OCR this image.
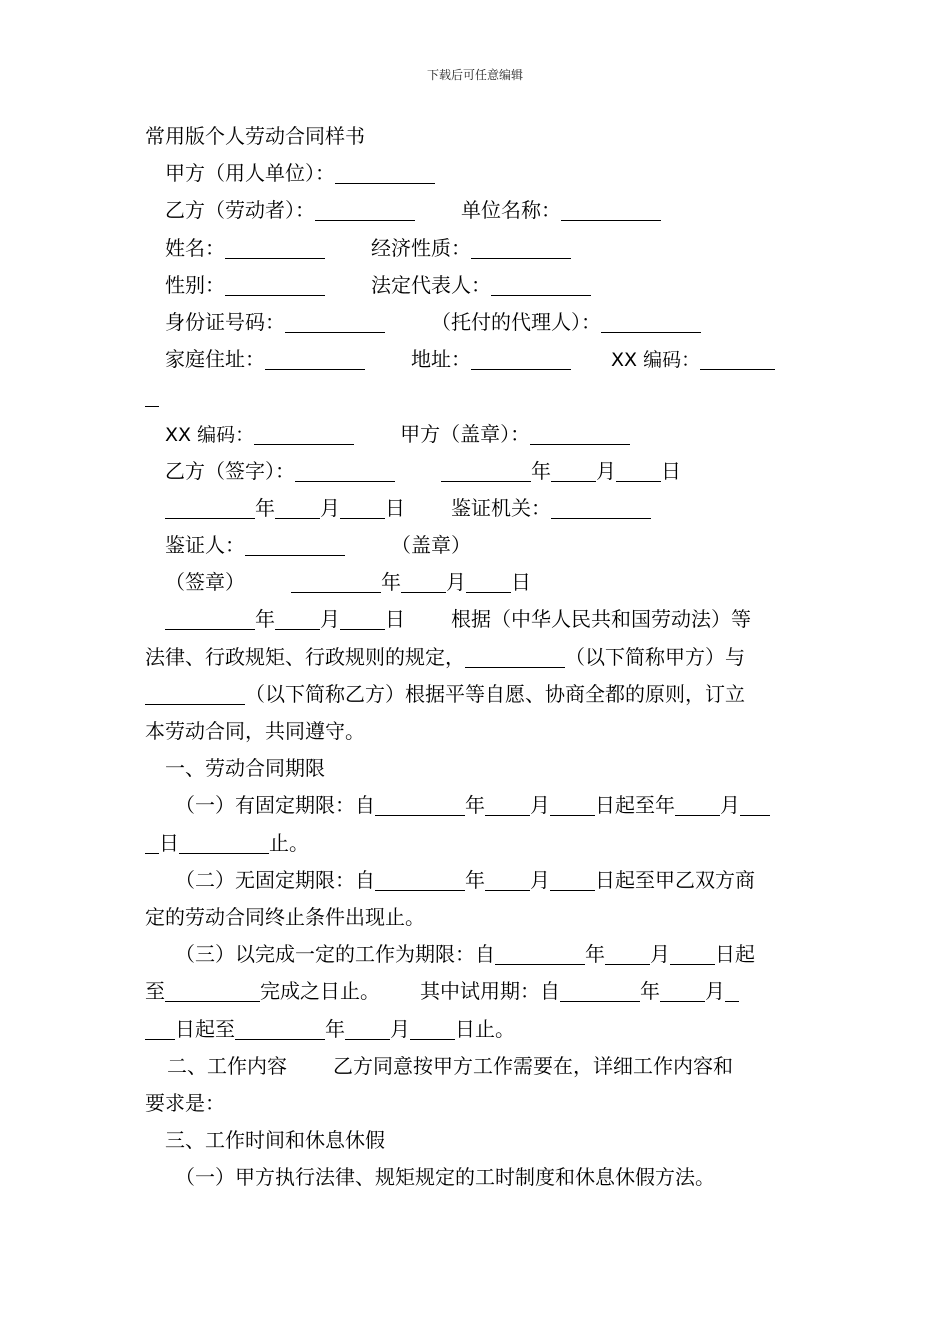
下载后可任意编辑
常用版个人劳动合同样书
甲方（用人单位）：
乙方（劳动者）：	单位名称：
姓名：	经济性质：
性别：	法定代表人：
身份证号码：	（托付的代理人）：
家庭住址：	地址：	XX 编码：
XX 编码：	甲方（盖章）：
乙方（签字）：	年 月 日
年 月 日 鉴证机关：
鉴证人：	（盖章）
（签章）	年 月 日
年 月 日 根据（中华人民共和国劳动法）等
法律、行政规矩、行政规则的规定，	（以下简称甲方）与
（以下简称乙方）根据平等自愿、协商全都的原则，订立
本劳动合同，共同遵守。
一、劳动合同期限
（一）有固定期限：自	年 月 日起至年 月
日	止。
（二）无固定期限：自	年 月 日起至甲乙双方商
定的劳动合同终止条件出现止。
（三）以完成一定的工作为期限：自	年 月 日起
至	完成之日止。 其中试用期：自	年 月
日起至	年 月 日止。
二、工作内容 乙方同意按甲方工作需要在，详细工作内容和
要求是：
三、工作时间和休息休假
（一）甲方执行法律、规矩规定的工时制度和休息休假方法。
